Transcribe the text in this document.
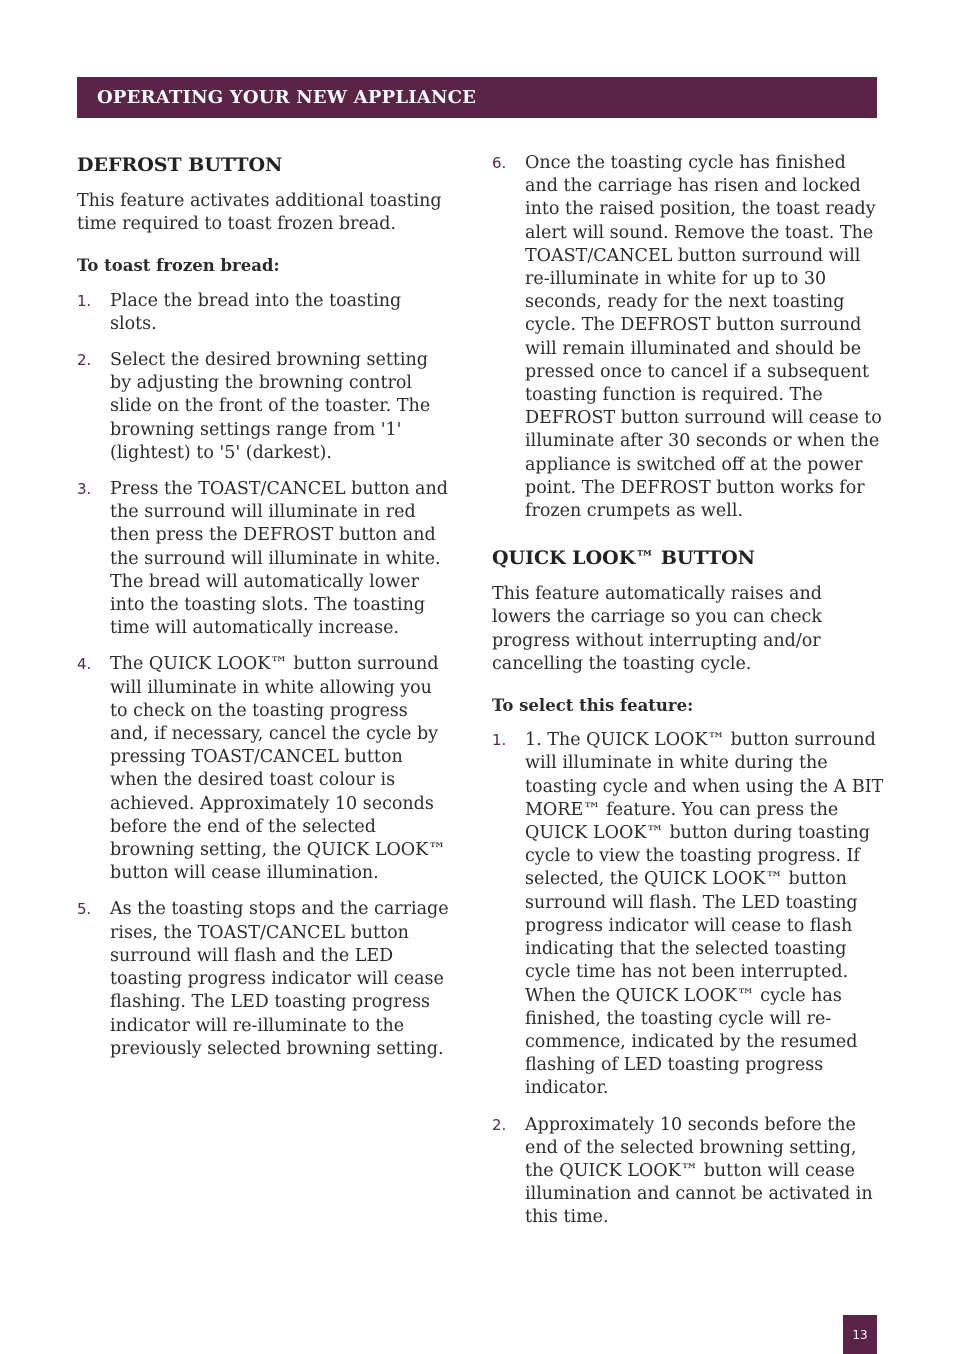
OPERATING YOUR NEW APPLIANCE
DEFROST BUTTON

This feature activates additional toasting time required to toast frozen bread.

To toast frozen bread:

1. Place the bread into the toasting slots.
2. Select the desired browning setting by adjusting the browning control slide on the front of the toaster. The browning settings range from '1' (lightest) to '5' (darkest).
3. Press the TOAST/CANCEL button and the surround will illuminate in red then press the DEFROST button and the surround will illuminate in white. The bread will automatically lower into the toasting slots. The toasting time will automatically increase.
4. The QUICK LOOK™ button surround will illuminate in white allowing you to check on the toasting progress and, if necessary, cancel the cycle by pressing TOAST/CANCEL button when the desired toast colour is achieved. Approximately 10 seconds before the end of the selected browning setting, the QUICK LOOK™ button will cease illumination.
5. As the toasting stops and the carriage rises, the TOAST/CANCEL button surround will flash and the LED toasting progress indicator will cease flashing. The LED toasting progress indicator will re-illuminate to the previously selected browning setting.
6. Once the toasting cycle has finished and the carriage has risen and locked into the raised position, the toast ready alert will sound. Remove the toast. The TOAST/CANCEL button surround will re-illuminate in white for up to 30 seconds, ready for the next toasting cycle. The DEFROST button surround will remain illuminated and should be pressed once to cancel if a subsequent toasting function is required. The DEFROST button surround will cease to illuminate after 30 seconds or when the appliance is switched off at the power point. The DEFROST button works for frozen crumpets as well.
QUICK LOOK™ BUTTON

This feature automatically raises and lowers the carriage so you can check progress without interrupting and/or cancelling the toasting cycle.

To select this feature:

1. 1. The QUICK LOOK™ button surround will illuminate in white during the toasting cycle and when using the A BIT MORE™ feature. You can press the QUICK LOOK™ button during toasting cycle to view the toasting progress. If selected, the QUICK LOOK™ button surround will flash. The LED toasting progress indicator will cease to flash indicating that the selected toasting cycle time has not been interrupted. When the QUICK LOOK™ cycle has finished, the toasting cycle will re-commence, indicated by the resumed flashing of LED toasting progress indicator.
2. Approximately 10 seconds before the end of the selected browning setting, the QUICK LOOK™ button will cease illumination and cannot be activated in this time.
13
